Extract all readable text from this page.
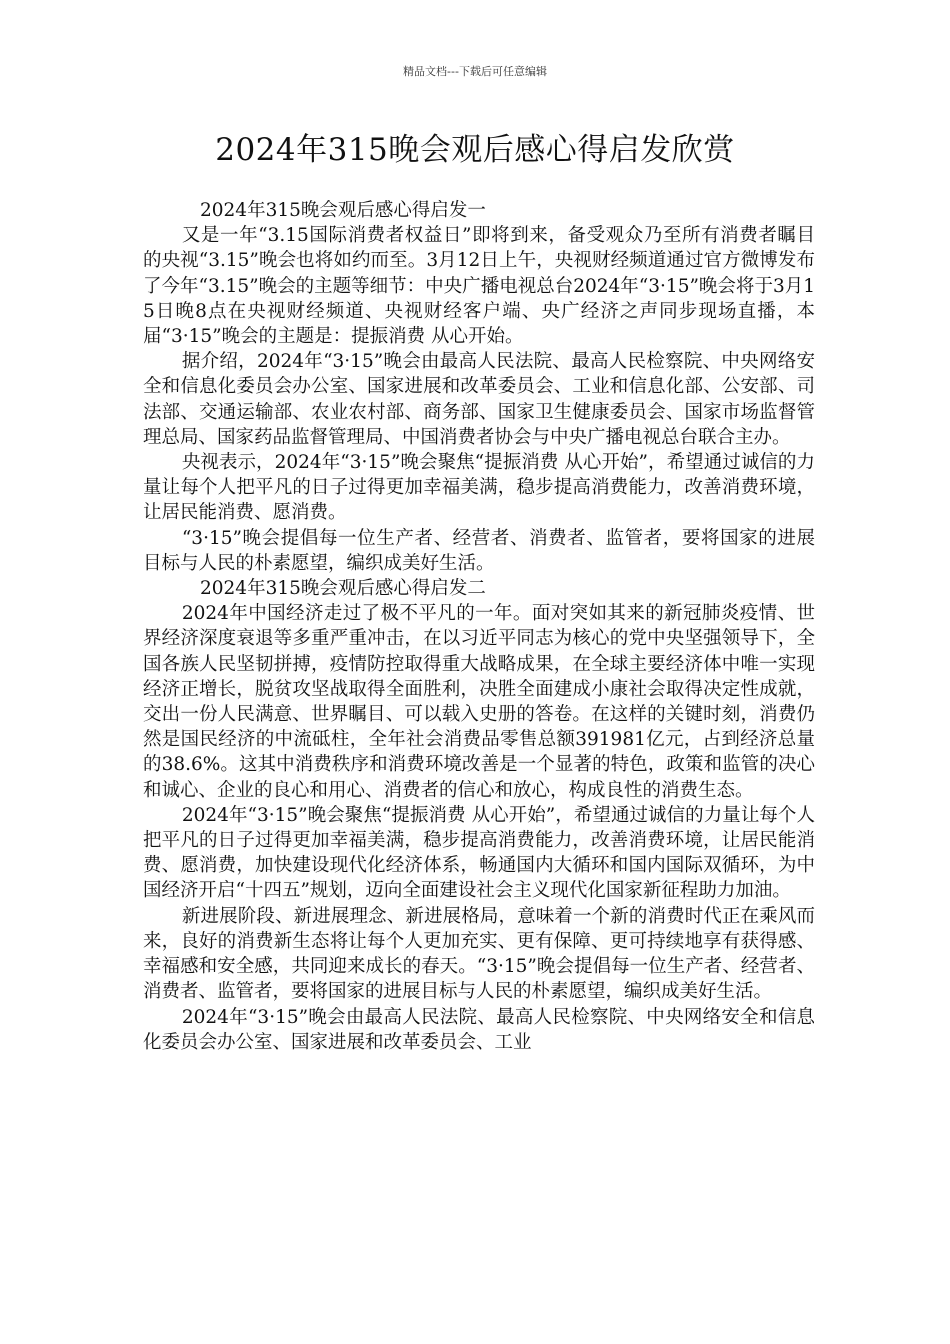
精品文档---下载后可任意编辑
2024年315晚会观后感心得启发欣赏

2024年315晚会观后感心得启发一

又是一年“3.15国际消费者权益日”即将到来，备受观众乃至所有消费者瞩目的央视“3.15”晚会也将如约而至。3月12日上午，央视财经频道通过官方微博发布了今年“3.15”晚会的主题等细节：中央广播电视总台2024年“3·15”晚会将于3月15日晚8点在央视财经频道、央视财经客户端、央广经济之声同步现场直播，本届“3·15”晚会的主题是：提振消费 从心开始。

据介绍，2024年“3·15”晚会由最高人民法院、最高人民检察院、中央网络安全和信息化委员会办公室、国家进展和改革委员会、工业和信息化部、公安部、司法部、交通运输部、农业农村部、商务部、国家卫生健康委员会、国家市场监督管理总局、国家药品监督管理局、中国消费者协会与中央广播电视总台联合主办。

央视表示，2024年“3·15”晚会聚焦“提振消费 从心开始”，希望通过诚信的力量让每个人把平凡的日子过得更加幸福美满，稳步提高消费能力，改善消费环境，让居民能消费、愿消费。

“3·15”晚会提倡每一位生产者、经营者、消费者、监管者，要将国家的进展目标与人民的朴素愿望，编织成美好生活。

2024年315晚会观后感心得启发二

2024年中国经济走过了极不平凡的一年。面对突如其来的新冠肺炎疫情、世界经济深度衰退等多重严重冲击，在以习近平同志为核心的党中央坚强领导下，全国各族人民坚韧拼搏，疫情防控取得重大战略成果，在全球主要经济体中唯一实现经济正增长，脱贫攻坚战取得全面胜利，决胜全面建成小康社会取得决定性成就，交出一份人民满意、世界瞩目、可以载入史册的答卷。在这样的关键时刻，消费仍然是国民经济的中流砥柱，全年社会消费品零售总额391981亿元，占到经济总量的38.6%。这其中消费秩序和消费环境改善是一个显著的特色，政策和监管的决心和诚心、企业的良心和用心、消费者的信心和放心，构成良性的消费生态。

2024年“3·15”晚会聚焦“提振消费 从心开始”，希望通过诚信的力量让每个人把平凡的日子过得更加幸福美满，稳步提高消费能力，改善消费环境，让居民能消费、愿消费，加快建设现代化经济体系，畅通国内大循环和国内国际双循环，为中国经济开启“十四五”规划，迈向全面建设社会主义现代化国家新征程助力加油。

新进展阶段、新进展理念、新进展格局，意味着一个新的消费时代正在乘风而来，良好的消费新生态将让每个人更加充实、更有保障、更可持续地享有获得感、幸福感和安全感，共同迎来成长的春天。“3·15”晚会提倡每一位生产者、经营者、消费者、监管者，要将国家的进展目标与人民的朴素愿望，编织成美好生活。

2024年“3·15”晚会由最高人民法院、最高人民检察院、中央网络安全和信息化委员会办公室、国家进展和改革委员会、工业
